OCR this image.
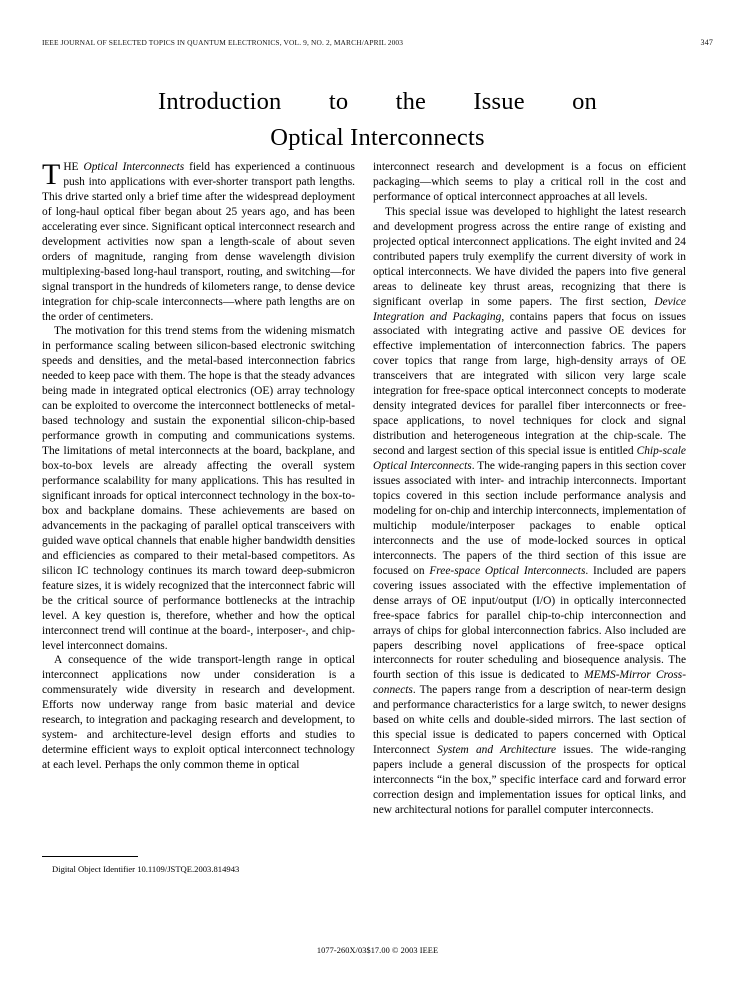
IEEE JOURNAL OF SELECTED TOPICS IN QUANTUM ELECTRONICS, VOL. 9, NO. 2, MARCH/APRIL 2003	347
Introduction to the Issue on
Optical Interconnects

THE Optical Interconnects field has experienced a continuous push into applications with ever-shorter transport path lengths. This drive started only a brief time after the widespread deployment of long-haul optical fiber began about 25 years ago, and has been accelerating ever since. Significant optical interconnect research and development activities now span a length-scale of about seven orders of magnitude, ranging from dense wavelength division multiplexing-based long-haul transport, routing, and switching—for signal transport in the hundreds of kilometers range, to dense device integration for chip-scale interconnects—where path lengths are on the order of centimeters.

The motivation for this trend stems from the widening mismatch in performance scaling between silicon-based electronic switching speeds and densities, and the metal-based interconnection fabrics needed to keep pace with them. The hope is that the steady advances being made in integrated optical electronics (OE) array technology can be exploited to overcome the interconnect bottlenecks of metal-based technology and sustain the exponential silicon-chip-based performance growth in computing and communications systems. The limitations of metal interconnects at the board, backplane, and box-to-box levels are already affecting the overall system performance scalability for many applications. This has resulted in significant inroads for optical interconnect technology in the box-to-box and backplane domains. These achievements are based on advancements in the packaging of parallel optical transceivers with guided wave optical channels that enable higher bandwidth densities and efficiencies as compared to their metal-based competitors. As silicon IC technology continues its march toward deep-submicron feature sizes, it is widely recognized that the interconnect fabric will be the critical source of performance bottlenecks at the intrachip level. A key question is, therefore, whether and how the optical interconnect trend will continue at the board-, interposer-, and chip-level interconnect domains.

A consequence of the wide transport-length range in optical interconnect applications now under consideration is a commensurately wide diversity in research and development. Efforts now underway range from basic material and device research, to integration and packaging research and development, to system- and architecture-level design efforts and studies to determine efficient ways to exploit optical interconnect technology at each level. Perhaps the only common theme in optical

interconnect research and development is a focus on efficient packaging—which seems to play a critical roll in the cost and performance of optical interconnect approaches at all levels.

This special issue was developed to highlight the latest research and development progress across the entire range of existing and projected optical interconnect applications. The eight invited and 24 contributed papers truly exemplify the current diversity of work in optical interconnects. We have divided the papers into five general areas to delineate key thrust areas, recognizing that there is significant overlap in some papers. The first section, Device Integration and Packaging, contains papers that focus on issues associated with integrating active and passive OE devices for effective implementation of interconnection fabrics. The papers cover topics that range from large, high-density arrays of OE transceivers that are integrated with silicon very large scale integration for free-space optical interconnect concepts to moderate density integrated devices for parallel fiber interconnects or free-space applications, to novel techniques for clock and signal distribution and heterogeneous integration at the chip-scale. The second and largest section of this special issue is entitled Chip-scale Optical Interconnects. The wide-ranging papers in this section cover issues associated with inter- and intrachip interconnects. Important topics covered in this section include performance analysis and modeling for on-chip and interchip interconnects, implementation of multichip module/interposer packages to enable optical interconnects and the use of mode-locked sources in optical interconnects. The papers of the third section of this issue are focused on Free-space Optical Interconnects. Included are papers covering issues associated with the effective implementation of dense arrays of OE input/output (I/O) in optically interconnected free-space fabrics for parallel chip-to-chip interconnection and arrays of chips for global interconnection fabrics. Also included are papers describing novel applications of free-space optical interconnects for router scheduling and biosequence analysis. The fourth section of this issue is dedicated to MEMS-Mirror Cross-connects. The papers range from a description of near-term design and performance characteristics for a large switch, to newer designs based on white cells and double-sided mirrors. The last section of this special issue is dedicated to papers concerned with Optical Interconnect System and Architecture issues. The wide-ranging papers include a general discussion of the prospects for optical interconnects “in the box,” specific interface card and forward error correction design and implementation issues for optical links, and new architectural notions for parallel computer interconnects.

Digital Object Identifier 10.1109/JSTQE.2003.814943
1077-260X/03$17.00 © 2003 IEEE
